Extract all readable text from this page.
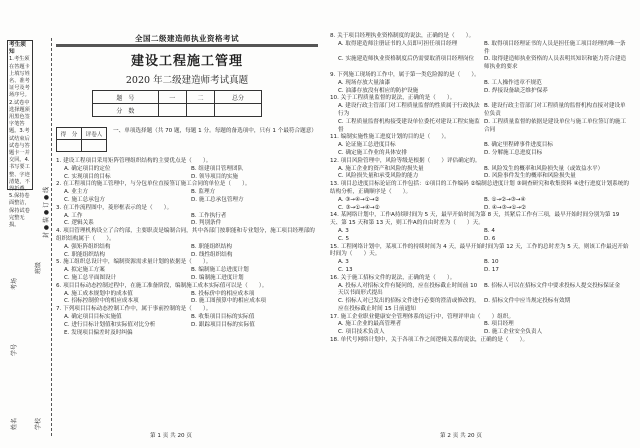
考生须知
1.考生须在答题卡上填写姓名、准考证号及考场序号。2.试卷中选择题须用黑色签字笔答题。3.考试结束后试卷与答题卡一并交回。4.书写要工整、字迹清楚，不得折叠。5.保持卷面整洁，保持试卷完整无损。
姓名
学号
考场
班级
学校
封 ● 装 ● 订 ● 线
全国二级建造师执业资格考试
建设工程施工管理
2020 年二级建造师考试真题
题　号	一	二	总分
分　数			
得　分	评卷人

一、单项选择题（共 70 题，每题 1 分。每题的备选项中，只有 1 个最符合题意）
1. 建设工程项目采用矩阵管理组织结构的主要优点是（　　）。
A. 确定项目的定位	B. 组建项目管理团队
C. 实现项目的目标	D. 领导项目的实施
2. 在工程项目的施工管理中，与分包单位直接签订施工合同的单位是（　　）。
A. 业主方	B. 监理方
C. 施工总承包方	D. 施工总承包管理方
3. 在工作流程图中，菱形框表示的是（　　）。
A. 工作	B. 工作执行者
C. 逻辑关系	D. 判别条件
4. 项目管理机构设立了合约部，主要职责是编制合同，其中各部门按职能和专业划分，施工项目经理部的组织结构属于（　　）。
A. 强矩阵组织结构	B. 职能组织结构
C. 职能组织结构	D. 线性组织结构
5. 施工组织总设计中，编制资源需求量计划的依据是（　　）。
A. 拟定施工方案	B. 编制施工总进度计划
C. 施工总平面图设计	D. 编制施工进度计划
6. 项目目标动态控制过程中，在施工准备阶段，编制施工成本实际值可以是（　　）。
A. 施工成本规划中的成本值	B. 投标价中的相应成本项
C. 招标控制价中的相应成本项	D. 施工图预算中的相应成本项
7. 下列项目目标动态控制工作中，属于事前控制的是（　　）。
A. 确定项目目标实施值	B. 收集项目目标的实际值
C. 进行目标计划值和实际值对比分析	D. 跟踪项目目标的实际值
E. 发现项目偏差时及时纠偏
8. 关于项目经理执业资格制度的说法，正确的是（　　）。
A. 取得建造师注册证书的人员即可担任项目经理	B. 取得项目经理证书的人员是担任施工项目经理的唯一条件
C. 实施建造师执业资格制度后仍需要取消项目经理岗位	D. 取得建造师执业资格的人员表明其知识和能力符合建造师执业的要求
9. 下列施工现场的工作中，属于第一类危险源的是（　　）。
A. 现场存放大量油漆	B. 工人操作违章不规范
C. 油漆存放没有相应的防护设施	D. 焊接设备缺乏维护保养
10. 关于工程质量监督的说法，正确的是（　　）。
A. 建设行政主管部门对工程质量监督的性质属于行政执法行为
B. 建设行政主管部门对工程质量的监督机构直接对建设单位负责
C. 工程质量监督机构接受建设单位委托对建设工程实施监督
D. 工程质量监督的依据是建设单位与施工单位签订的施工合同
11. 编制实施性施工进度计划的目的是（　　）。
A. 论证施工总进度目标	B. 确定里程碑事件进度目标
C. 确定施工作业的具体安排	D. 分解施工总进度目标
12. 项目风险管理中，风险等级是根据（　　）评估确定的。
A. 施工企业的资产和风险的损失量	B. 风险发生的概率和风险损失量（或效益水平）
C. 风险损失量和承受风险的能力	D. 风险事件发生的概率和风险损失量
13. 项目总进度目标论证的工作包括：①项目的工作编码 ②编制总进度计划 ③调查研究和收集资料 ④进行进度计划系统的结构分析，正确顺序是（　　）。
A. ③→④→①→②	B. ①→②→③→④
C. ③→①→④→②	D. ④→③→①→②
14. 某网络计划中，工作A持续时间为 5 天，最早开始时间为第 8 天，其紧后工作有三项，最早开始时间分别为第 19 天、第 15 天和第 13 天，则工作A的自由时差为（　　）天。
A. 3	B. 4
C. 5	D. 6
15. 工程网络计划中，某项工作的持续时间为 4 天，最早开始时间为第 12 天，工作的总时差为 5 天，则该工作最迟开始时间为（　　）天。
A. 3	B. 10
C. 13	D. 17
16. 关于施工招标文件的说法，正确的是（　　）。
A. 投标人对招标文件有疑问的，应在投标截止时间前 10 天以书面形式提出
B. 招标人可以在招标文件中要求投标人提交投标保证金
C. 招标人对已发出的招标文件进行必要的澄清或修改的，应在投标截止时间 15 日前通知
D. 招标文件中应当规定投标有效期
17. 施工企业职业健康安全管理体系的运行中，管理评审由（　　）组织。
A. 施工企业的最高管理者	B. 项目经理
C. 项目技术负责人	D. 施工企业安全负责人
18. 单代号网络计划中，关于各项工作之间逻辑关系的说法，正确的是（　　）。
第 1 页 共 20 页	第 2 页 共 20 页
